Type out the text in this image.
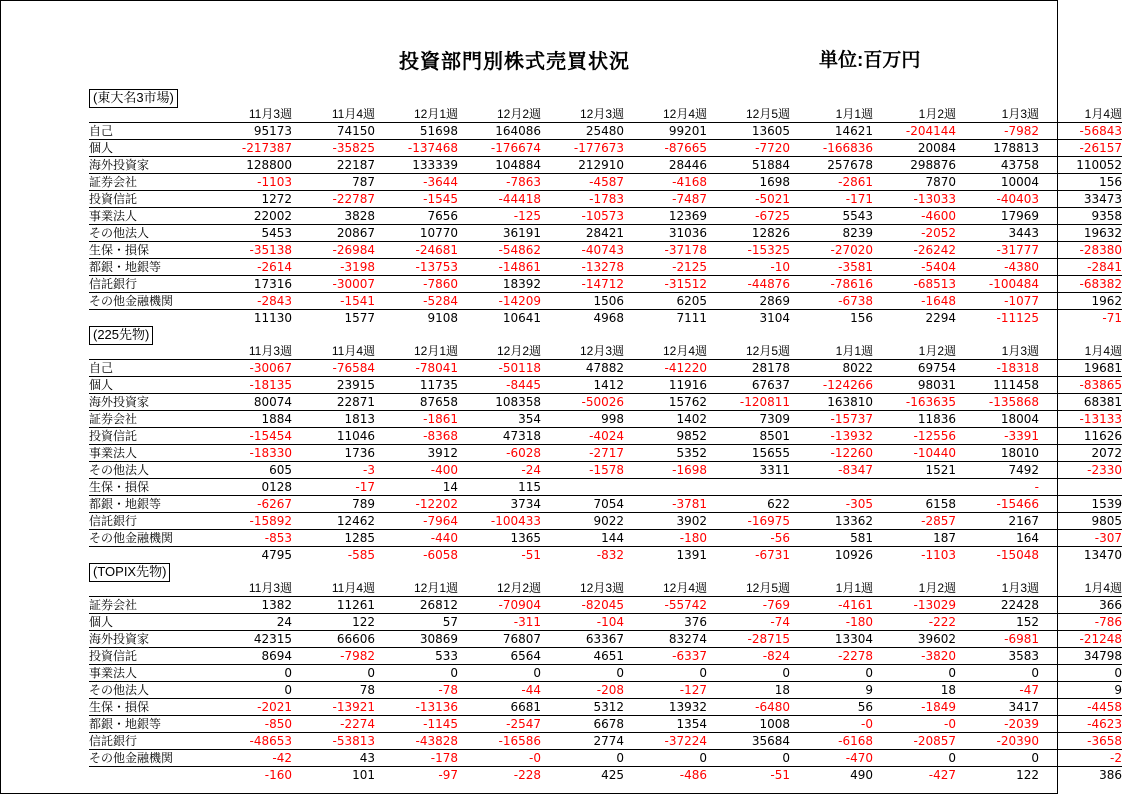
投資部門別株式売買状況	単位:百万円
(東大名3市場)
	11月3週	11月4週	12月1週	12月2週	12月3週	12月4週	12月5週	1月1週	1月2週	1月3週	1月4週
自己	95173	74150	51698	164086	25480	99201	13605	14621	-204144	-7982	-56843
個人	-217387	-35825	-137468	-176674	-177673	-87665	-7720	-166836	20084	178813	-26157
海外投資家	128800	22187	133339	104884	212910	28446	51884	257678	298876	43758	110052
証券会社	-1103	787	-3644	-7863	-4587	-4168	1698	-2861	7870	10004	156
投資信託	1272	-22787	-1545	-44418	-1783	-7487	-5021	-171	-13033	-40403	33473
事業法人	22002	3828	7656	-125	-10573	12369	-6725	5543	-4600	17969	9358
その他法人	5453	20867	10770	36191	28421	31036	12826	8239	-2052	3443	19632
生保・損保	-35138	-26984	-24681	-54862	-40743	-37178	-15325	-27020	-26242	-31777	-28380
都銀・地銀等	-2614	-3198	-13753	-14861	-13278	-2125	-10	-3581	-5404	-4380	-2841
信託銀行	17316	-30007	-7860	18392	-14712	-31512	-44876	-78616	-68513	-100484	-68382
その他金融機関	-2843	-1541	-5284	-14209	1506	6205	2869	-6738	-1648	-1077	1962
	11130	1577	9108	10641	4968	7111	3104	156	2294	-11125	-71
(225先物)
	11月3週	11月4週	12月1週	12月2週	12月3週	12月4週	12月5週	1月1週	1月2週	1月3週	1月4週
自己	-30067	-76584	-78041	-50118	47882	-41220	28178	8022	69754	-18318	19681
個人	-18135	23915	11735	-8445	1412	11916	67637	-124266	98031	111458	-83865
海外投資家	80074	22871	87658	108358	-50026	15762	-120811	163810	-163635	-135868	68381
証券会社	1884	1813	-1861	354	998	1402	7309	-15737	11836	18004	-13133
投資信託	-15454	11046	-8368	47318	-4024	9852	8501	-13932	-12556	-3391	11626
事業法人	-18330	1736	3912	-6028	-2717	5352	15655	-12260	-10440	18010	2072
その他法人	605	-3	-400	-24	-1578	-1698	3311	-8347	1521	7492	-2330
生保・損保	0128	-17	14	115						-	
都銀・地銀等	-6267	789	-12202	3734	7054	-3781	622	-305	6158	-15466	1539
信託銀行	-15892	12462	-7964	-100433	9022	3902	-16975	13362	-2857	2167	9805
その他金融機関	-853	1285	-440	1365	144	-180	-56	581	187	164	-307
	4795	-585	-6058	-51	-832	1391	-6731	10926	-1103	-15048	13470
(TOPIX先物)
	11月3週	11月4週	12月1週	12月2週	12月3週	12月4週	12月5週	1月1週	1月2週	1月3週	1月4週
証券会社	1382	11261	26812	-70904	-82045	-55742	-769	-4161	-13029	22428	366
個人	24	122	57	-311	-104	376	-74	-180	-222	152	-786
海外投資家	42315	66606	30869	76807	63367	83274	-28715	13304	39602	-6981	-21248
投資信託	8694	-7982	533	6564	4651	-6337	-824	-2278	-3820	3583	34798
事業法人	0	0	0	0	0	0	0	0	0	0	0
その他法人	0	78	-78	-44	-208	-127	18	9	18	-47	9
生保・損保	-2021	-13921	-13136	6681	5312	13932	-6480	56	-1849	3417	-4458
都銀・地銀等	-850	-2274	-1145	-2547	6678	1354	1008	-0	-0	-2039	-4623
信託銀行	-48653	-53813	-43828	-16586	2774	-37224	35684	-6168	-20857	-20390	-3658
その他金融機関	-42	43	-178	-0	0	0	0	-470	0	0	-2
	-160	101	-97	-228	425	-486	-51	490	-427	122	386
